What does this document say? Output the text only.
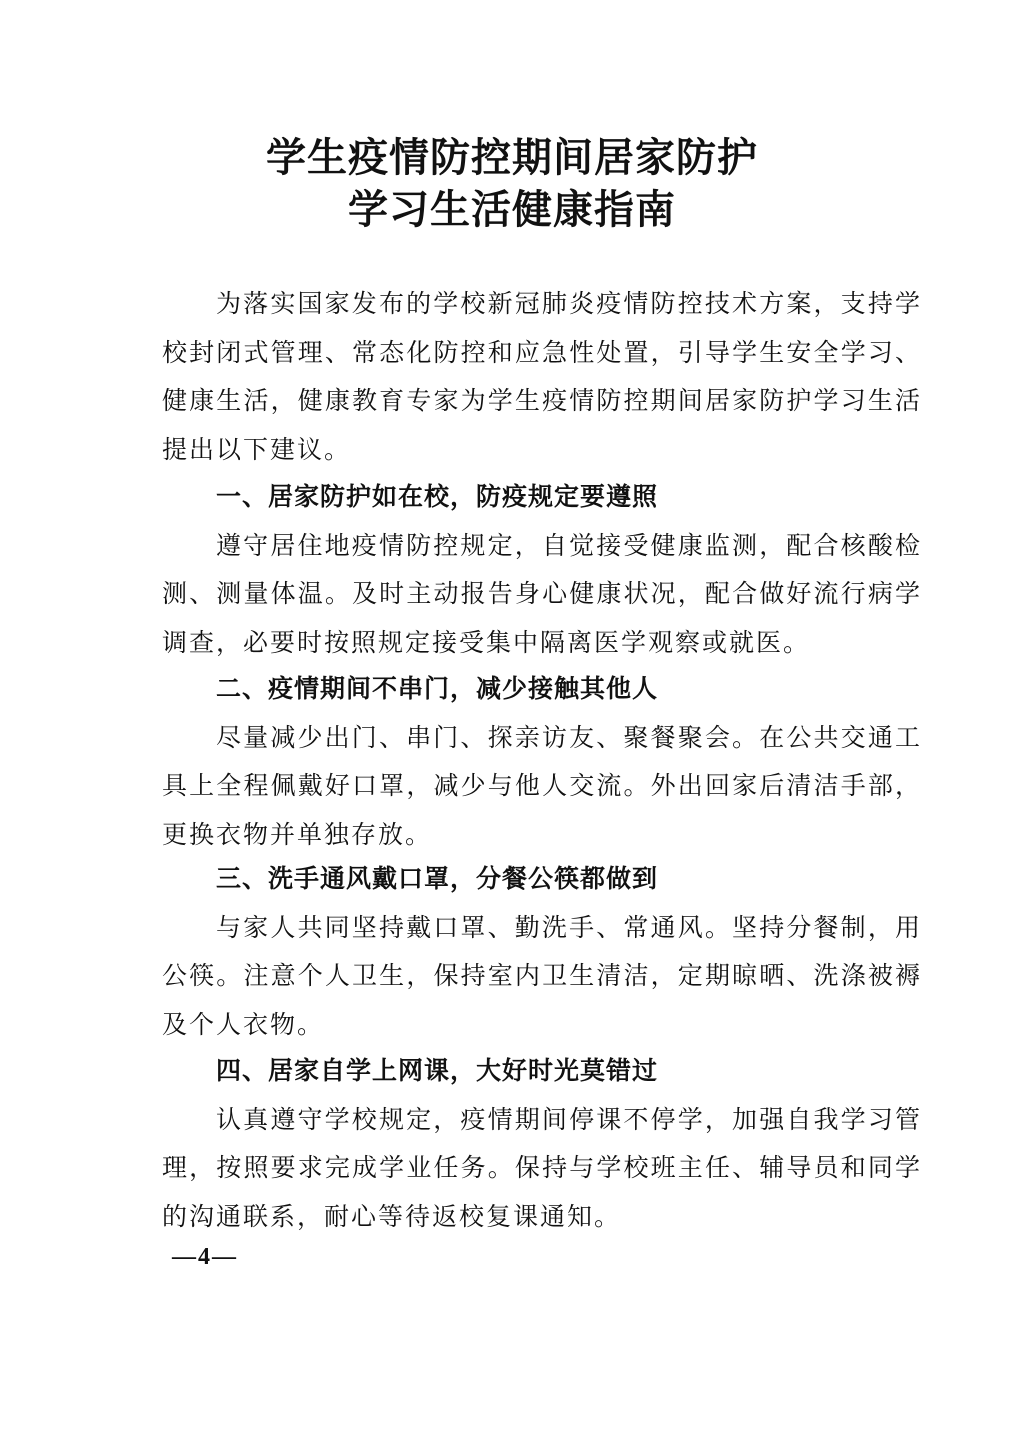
学生疫情防控期间居家防护
学习生活健康指南

为落实国家发布的学校新冠肺炎疫情防控技术方案，支持学校封闭式管理、常态化防控和应急性处置，引导学生安全学习、健康生活，健康教育专家为学生疫情防控期间居家防护学习生活提出以下建议。

一、居家防护如在校，防疫规定要遵照

遵守居住地疫情防控规定，自觉接受健康监测，配合核酸检测、测量体温。及时主动报告身心健康状况，配合做好流行病学调查，必要时按照规定接受集中隔离医学观察或就医。

二、疫情期间不串门，减少接触其他人

尽量减少出门、串门、探亲访友、聚餐聚会。在公共交通工具上全程佩戴好口罩，减少与他人交流。外出回家后清洁手部，更换衣物并单独存放。

三、洗手通风戴口罩，分餐公筷都做到

与家人共同坚持戴口罩、勤洗手、常通风。坚持分餐制，用公筷。注意个人卫生，保持室内卫生清洁，定期晾晒、洗涤被褥及个人衣物。

四、居家自学上网课，大好时光莫错过

认真遵守学校规定，疫情期间停课不停学，加强自我学习管理，按照要求完成学业任务。保持与学校班主任、辅导员和同学的沟通联系，耐心等待返校复课通知。

—4—
